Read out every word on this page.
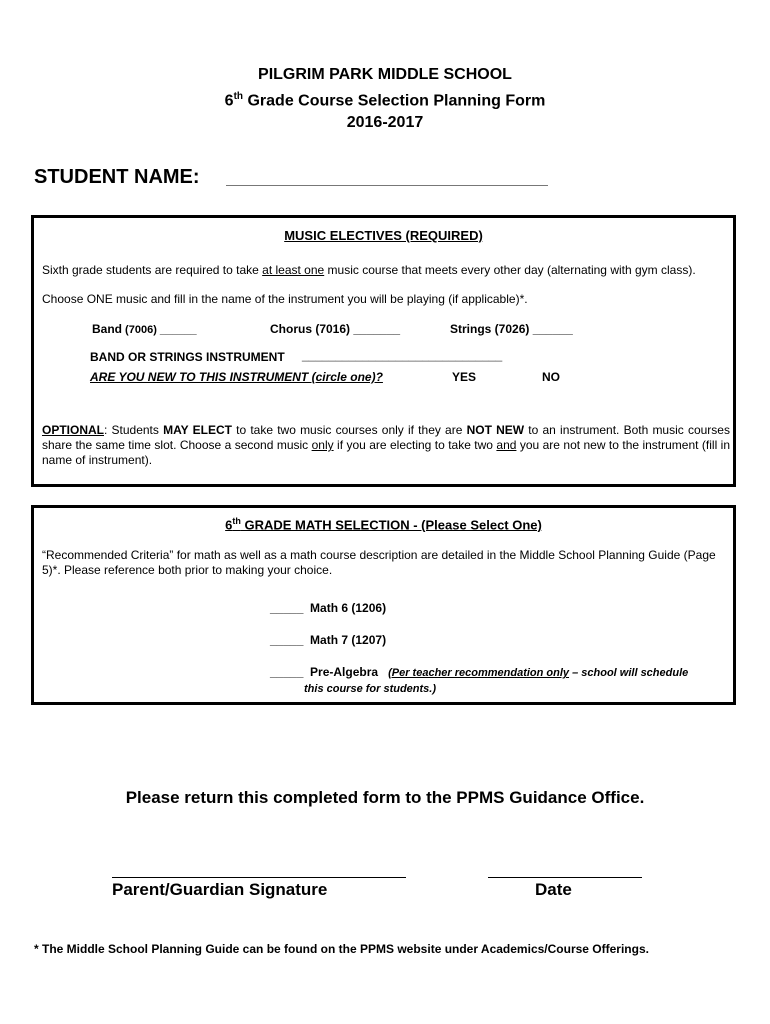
PILGRIM PARK MIDDLE SCHOOL
6th Grade Course Selection Planning Form
2016-2017
STUDENT NAME:
MUSIC ELECTIVES (REQUIRED)
Sixth grade students are required to take at least one music course that meets every other day (alternating with gym class).
Choose ONE music and fill in the name of the instrument you will be playing (if applicable)*.
Band (7006) ______	Chorus (7016) _______	Strings (7026) ______
BAND OR STRINGS INSTRUMENT ______________________________
ARE YOU NEW TO THIS INSTRUMENT (circle one)?	YES	NO
OPTIONAL: Students MAY ELECT to take two music courses only if they are NOT NEW to an instrument. Both music courses share the same time slot. Choose a second music only if you are electing to take two and you are not new to the instrument (fill in name of instrument).
6th GRADE MATH SELECTION - (Please Select One)
“Recommended Criteria” for math as well as a math course description are detailed in the Middle School Planning Guide (Page 5)*. Please reference both prior to making your choice.
_____ Math 6 (1206)
_____ Math 7 (1207)
_____ Pre-Algebra (Per teacher recommendation only – school will schedule
this course for students.)
Please return this completed form to the PPMS Guidance Office.
Parent/Guardian Signature	Date
* The Middle School Planning Guide can be found on the PPMS website under Academics/Course Offerings.
